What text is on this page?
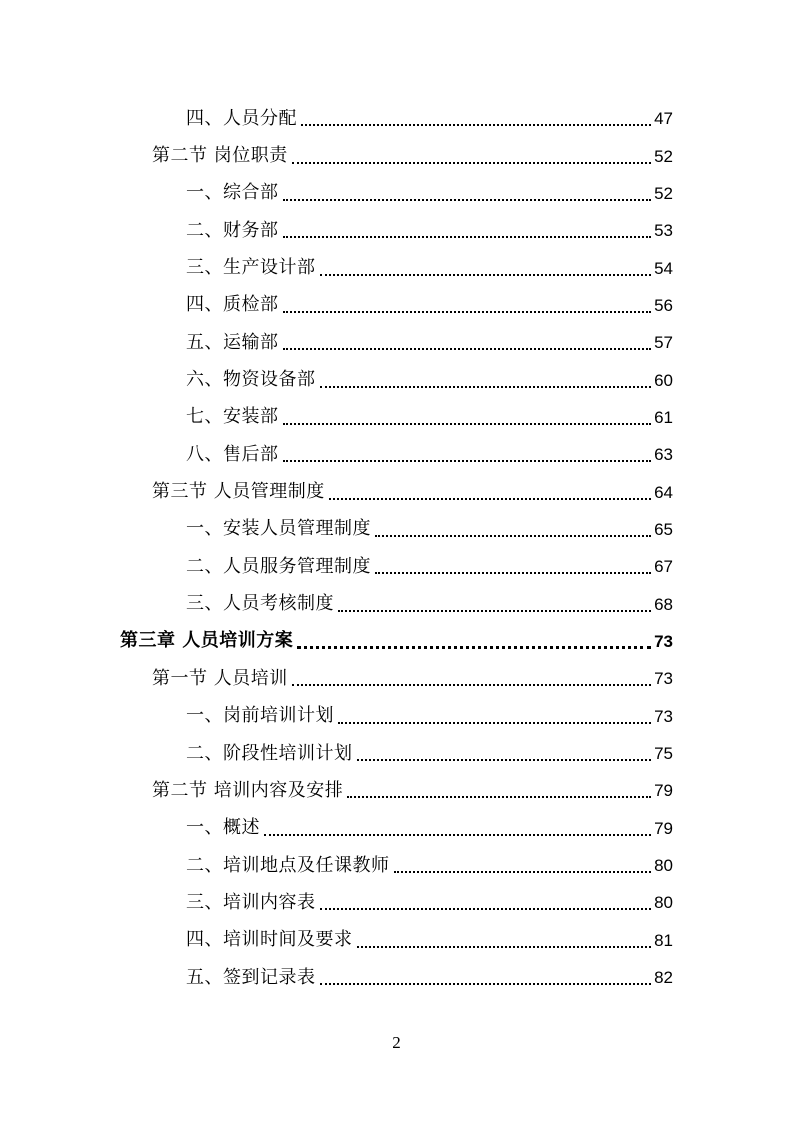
四、人员分配	47
第二节 岗位职责	52
一、综合部	52
二、财务部	53
三、生产设计部	54
四、质检部	56
五、运输部	57
六、物资设备部	60
七、安装部	61
八、售后部	63
第三节 人员管理制度	64
一、安装人员管理制度	65
二、人员服务管理制度	67
三、人员考核制度	68
第三章 人员培训方案	73
第一节 人员培训	73
一、岗前培训计划	73
二、阶段性培训计划	75
第二节 培训内容及安排	79
一、概述	79
二、培训地点及任课教师	80
三、培训内容表	80
四、培训时间及要求	81
五、签到记录表	82
2
